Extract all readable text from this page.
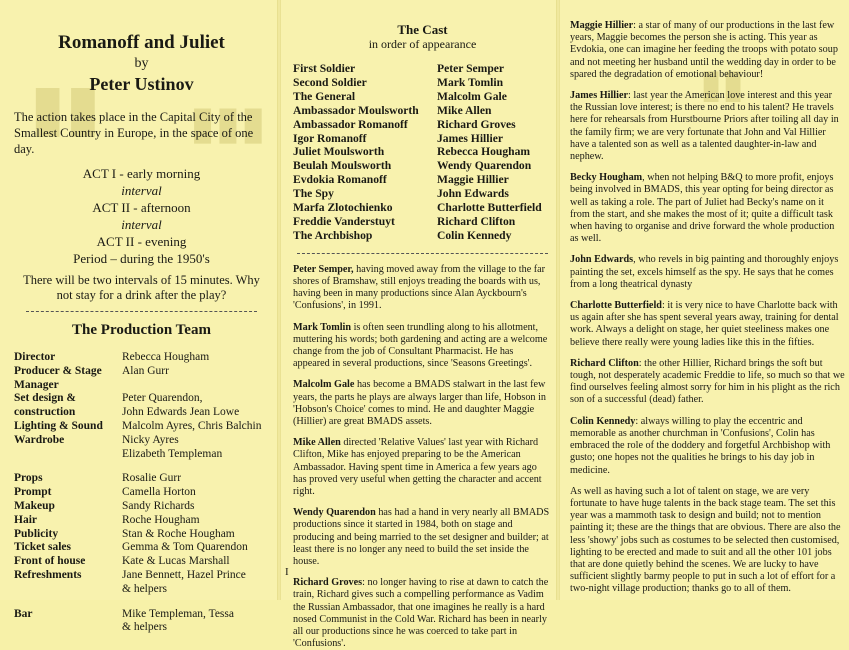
▮▮ ▮▮▮
▮▮

Romanoff and Juliet

by

Peter Ustinov

The action takes place in the Capital City of the Smallest Country in Europe, in the space of one day.

ACT I - early morning

interval

ACT II - afternoon

interval

ACT II - evening

Period – during the 1950's

There will be two intervals of 15 minutes. Why not stay for a drink after the play?

The Production Team

Director	Rebecca Hougham
Producer & Stage	Alan Gurr
Manager
Set design &	Peter Quarendon,
construction	John Edwards Jean Lowe
Lighting & Sound	Malcolm Ayres, Chris Balchin
Wardrobe	Nicky Ayres
Elizabeth Templeman
Props	Rosalie Gurr
Prompt	Camella Horton
Makeup	Sandy Richards
Hair	Roche Hougham
Publicity	Stan & Roche Hougham
Ticket sales	Gemma & Tom Quarendon
Front of house	Kate & Lucas Marshall
Refreshments	Jane Bennett, Hazel Prince
& helpers
Bar	Mike Templeman, Tessa
& helpers

The Cast

in order of appearance

First Soldier	Peter Semper
Second Soldier	Mark Tomlin
The General	Malcolm Gale
Ambassador Moulsworth	Mike Allen
Ambassador Romanoff	Richard Groves
Igor Romanoff	James Hillier
Juliet Moulsworth	Rebecca Hougham
Beulah Moulsworth	Wendy Quarendon
Evdokia Romanoff	Maggie Hillier
The Spy	John Edwards
Marfa Zlotochienko	Charlotte Butterfield
Freddie Vanderstuyt	Richard Clifton
The Archbishop	Colin Kennedy

Peter Semper, having moved away from the village to the far shores of Bramshaw, still enjoys treading the boards with us, having been in many productions since Alan Ayckbourn's 'Confusions', in 1991.

Mark Tomlin is often seen trundling along to his allotment, muttering his words; both gardening and acting are a welcome change from the job of Consultant Pharmacist. He has appeared in several productions, since 'Seasons Greetings'.

Malcolm Gale has become a BMADS stalwart in the last few years, the parts he plays are always larger than life, Hobson in 'Hobson's Choice' comes to mind. He and daughter Maggie (Hillier) are great BMADS assets.

Mike Allen directed 'Relative Values' last year with Richard Clifton, Mike has enjoyed preparing to be the American Ambassador. Having spent time in America a few years ago has proved very useful when getting the character and accent right.

Wendy Quarendon has had a hand in very nearly all BMADS productions since it started in 1984, both on stage and producing and being married to the set designer and builder; at least there is no longer any need to build the set inside the house.

Richard Groves: no longer having to rise at dawn to catch the train, Richard gives such a compelling performance as Vadim the Russian Ambassador, that one imagines he really is a hard nosed Communist in the Cold War. Richard has been in nearly all our productions since he was coerced to take part in 'Confusions'.

I

Maggie Hillier: a star of many of our productions in the last few years, Maggie becomes the person she is acting. This year as Evdokia, one can imagine her feeding the troops with potato soup and not meeting her husband until the wedding day in order to be spared the degradation of emotional behaviour!

James Hillier: last year the American love interest and this year the Russian love interest; is there no end to his talent? He travels here for rehearsals from Hurstbourne Priors after toiling all day in the family firm; we are very fortunate that John and Val Hillier have a talented son as well as a talented daughter-in-law and nephew.

Becky Hougham, when not helping B&Q to more profit, enjoys being involved in BMADS, this year opting for being director as well as taking a role. The part of Juliet had Becky's name on it from the start, and she makes the most of it; quite a difficult task when having to organise and drive forward the whole production as well.

John Edwards, who revels in big painting and thoroughly enjoys painting the set, excels himself as the spy. He says that he comes from a long theatrical dynasty

Charlotte Butterfield: it is very nice to have Charlotte back with us again after she has spent several years away, training for dental work. Always a delight on stage, her quiet steeliness makes one believe there really were young ladies like this in the fifties.

Richard Clifton: the other Hillier, Richard brings the soft but tough, not desperately academic Freddie to life, so much so that we find ourselves feeling almost sorry for him in his plight as the rich son of a successful (dead) father.

Colin Kennedy: always willing to play the eccentric and memorable as another churchman in 'Confusions', Colin has embraced the role of the doddery and forgetful Archbishop with gusto; one hopes not the qualities he brings to his day job in medicine.

As well as having such a lot of talent on stage, we are very fortunate to have huge talents in the back stage team. The set this year was a mammoth task to design and build; not to mention painting it; these are the things that are obvious. There are also the less 'showy' jobs such as costumes to be selected then customised, lighting to be erected and made to suit and all the other 101 jobs that are done quietly behind the scenes. We are lucky to have sufficient slightly barmy people to put in such a lot of effort for a two-night village production; thanks go to all of them.
